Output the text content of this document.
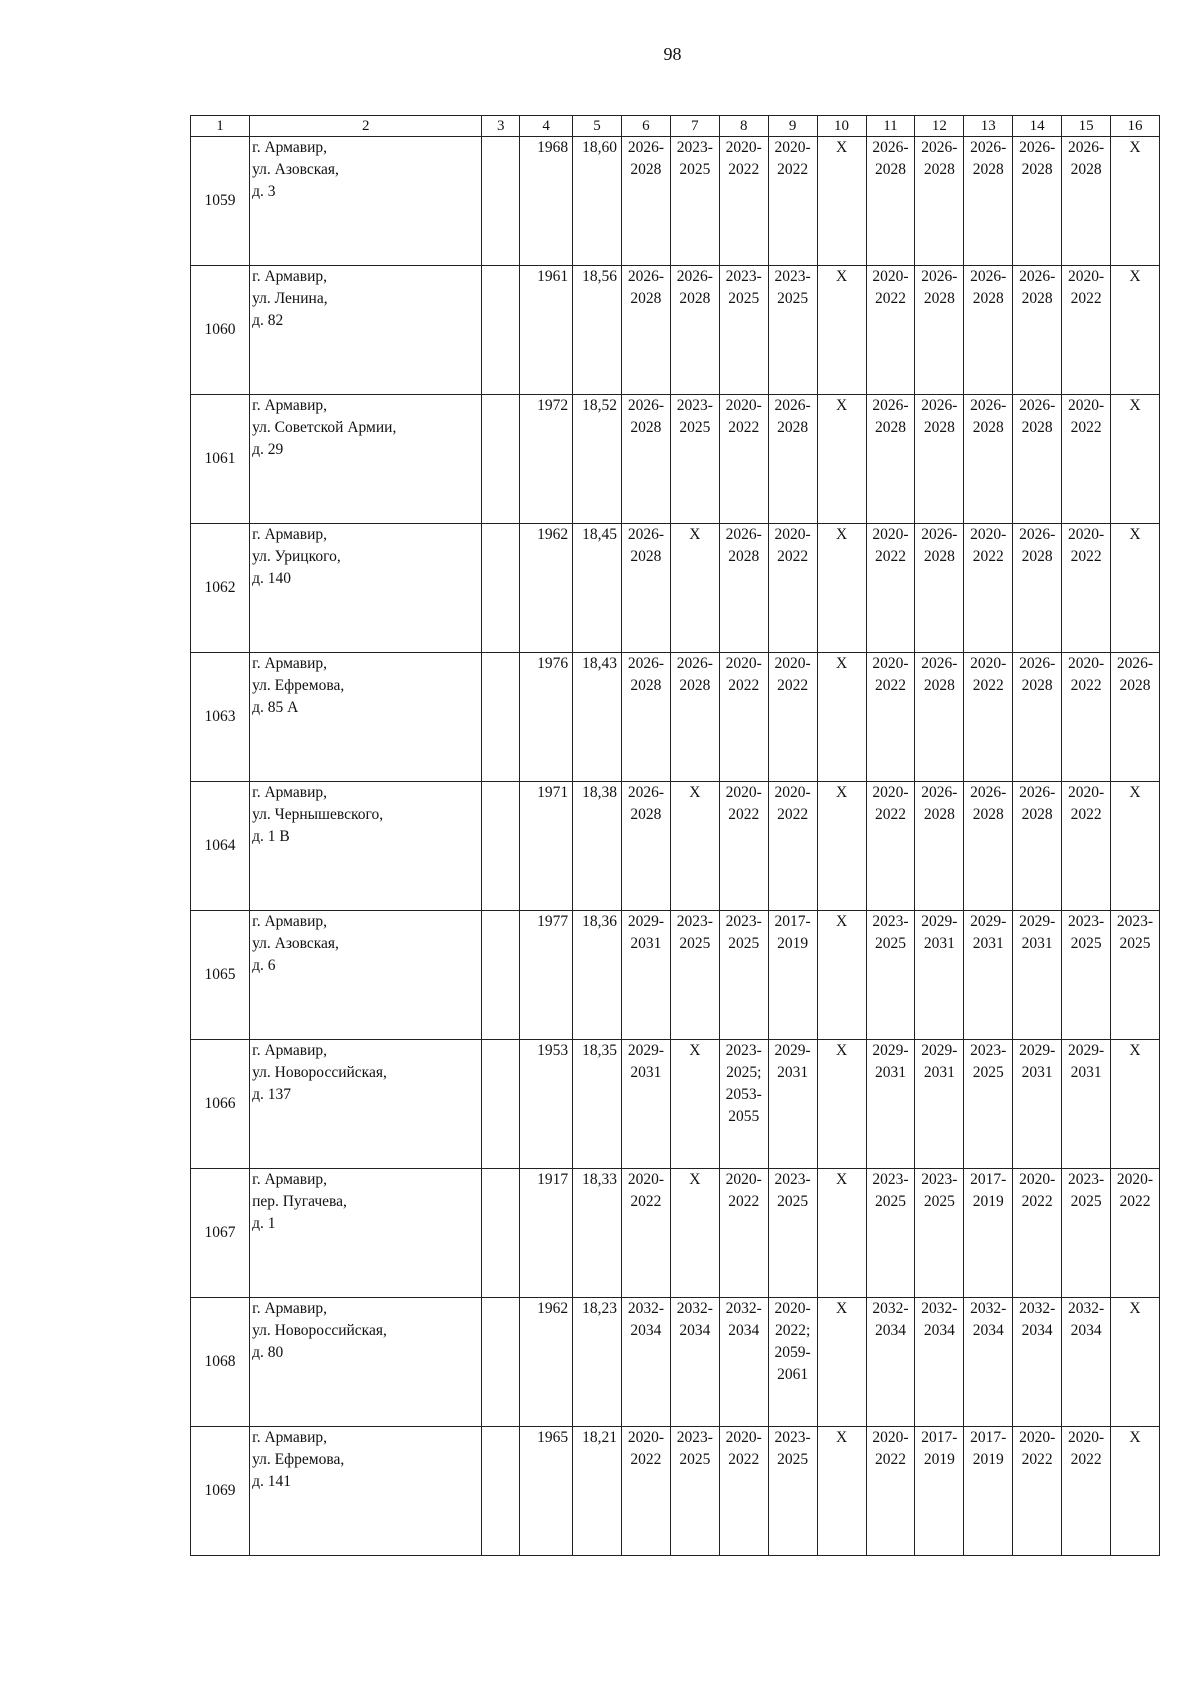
98
1	2	3	4	5	6	7	8	9	10	11	12	13	14	15	16

1059	г. Армавир,
ул. Азовская,
д. 3		1968	18,60	2026-
2028	2023-
2025	2020-
2022	2020-
2022	Х	2026-
2028	2026-
2028	2026-
2028	2026-
2028	2026-
2028	Х

1060	г. Армавир,
ул. Ленина,
д. 82		1961	18,56	2026-
2028	2026-
2028	2023-
2025	2023-
2025	Х	2020-
2022	2026-
2028	2026-
2028	2026-
2028	2020-
2022	Х

1061	г. Армавир,
ул. Советской Армии,
д. 29		1972	18,52	2026-
2028	2023-
2025	2020-
2022	2026-
2028	Х	2026-
2028	2026-
2028	2026-
2028	2026-
2028	2020-
2022	Х

1062	г. Армавир,
ул. Урицкого,
д. 140		1962	18,45	2026-
2028	Х	2026-
2028	2020-
2022	Х	2020-
2022	2026-
2028	2020-
2022	2026-
2028	2020-
2022	Х

1063	г. Армавир,
ул. Ефремова,
д. 85 А		1976	18,43	2026-
2028	2026-
2028	2020-
2022	2020-
2022	Х	2020-
2022	2026-
2028	2020-
2022	2026-
2028	2020-
2022	2026-
2028

1064	г. Армавир,
ул. Чернышевского,
д. 1 В		1971	18,38	2026-
2028	Х	2020-
2022	2020-
2022	Х	2020-
2022	2026-
2028	2026-
2028	2026-
2028	2020-
2022	Х

1065	г. Армавир,
ул. Азовская,
д. 6		1977	18,36	2029-
2031	2023-
2025	2023-
2025	2017-
2019	Х	2023-
2025	2029-
2031	2029-
2031	2029-
2031	2023-
2025	2023-
2025

1066	г. Армавир,
ул. Новороссийская,
д. 137		1953	18,35	2029-
2031	Х	2023-
2025;
2053-
2055	2029-
2031	Х	2029-
2031	2029-
2031	2023-
2025	2029-
2031	2029-
2031	Х

1067	г. Армавир,
пер. Пугачева,
д. 1		1917	18,33	2020-
2022	Х	2020-
2022	2023-
2025	Х	2023-
2025	2023-
2025	2017-
2019	2020-
2022	2023-
2025	2020-
2022

1068	г. Армавир,
ул. Новороссийская,
д. 80		1962	18,23	2032-
2034	2032-
2034	2032-
2034	2020-
2022;
2059-
2061	Х	2032-
2034	2032-
2034	2032-
2034	2032-
2034	2032-
2034	Х

1069	г. Армавир,
ул. Ефремова,
д. 141		1965	18,21	2020-
2022	2023-
2025	2020-
2022	2023-
2025	Х	2020-
2022	2017-
2019	2017-
2019	2020-
2022	2020-
2022	Х
